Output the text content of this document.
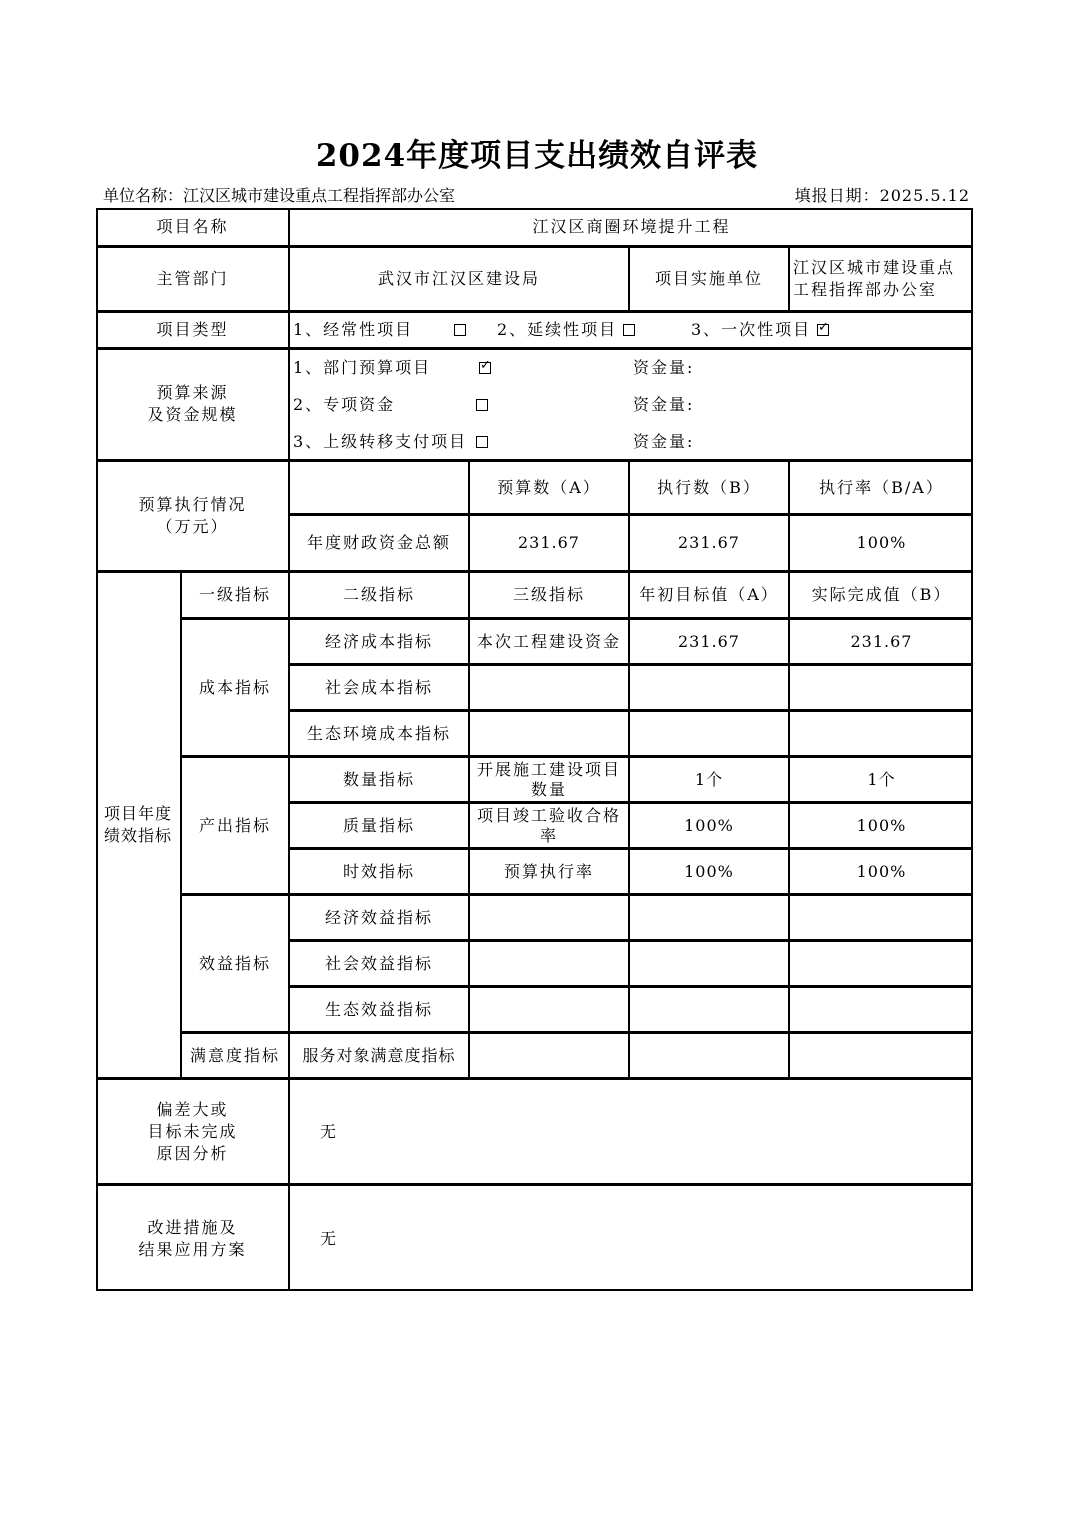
2024年度项目支出绩效自评表
单位名称：江汉区城市建设重点工程指挥部办公室	填报日期：2025.5.12
项目名称	江汉区商圈环境提升工程
主管部门	武汉市江汉区建设局	项目实施单位
江汉区城市建设重点工程指挥部办公室
项目类型	1、经常性项目	2、延续性项目	3、一次性项目
✓
预算来源
及资金规模
1、部门预算项目
✓	资金量:
2、专项资金	资金量:
3、上级转移支付项目	资金量:
预算执行情况
（万元）
预算数（A）	执行数（B）	执行率（B/A）
年度财政资金总额	231.67	231.67	100%
项目年度
绩效指标
一级指标	二级指标	三级指标	年初目标值（A）	实际完成值（B）
成本指标
产出指标
效益指标
满意度指标
经济成本指标	本次工程建设资金	231.67	231.67
社会成本指标
生态环境成本指标
数量指标
开展施工建设项目数量
1个	1个
质量指标
项目竣工验收合格率
100%	100%
时效指标	预算执行率	100%	100%
经济效益指标
社会效益指标
生态效益指标
服务对象满意度指标
偏差大或
目标未完成
原因分析
无
改进措施及
结果应用方案
无
